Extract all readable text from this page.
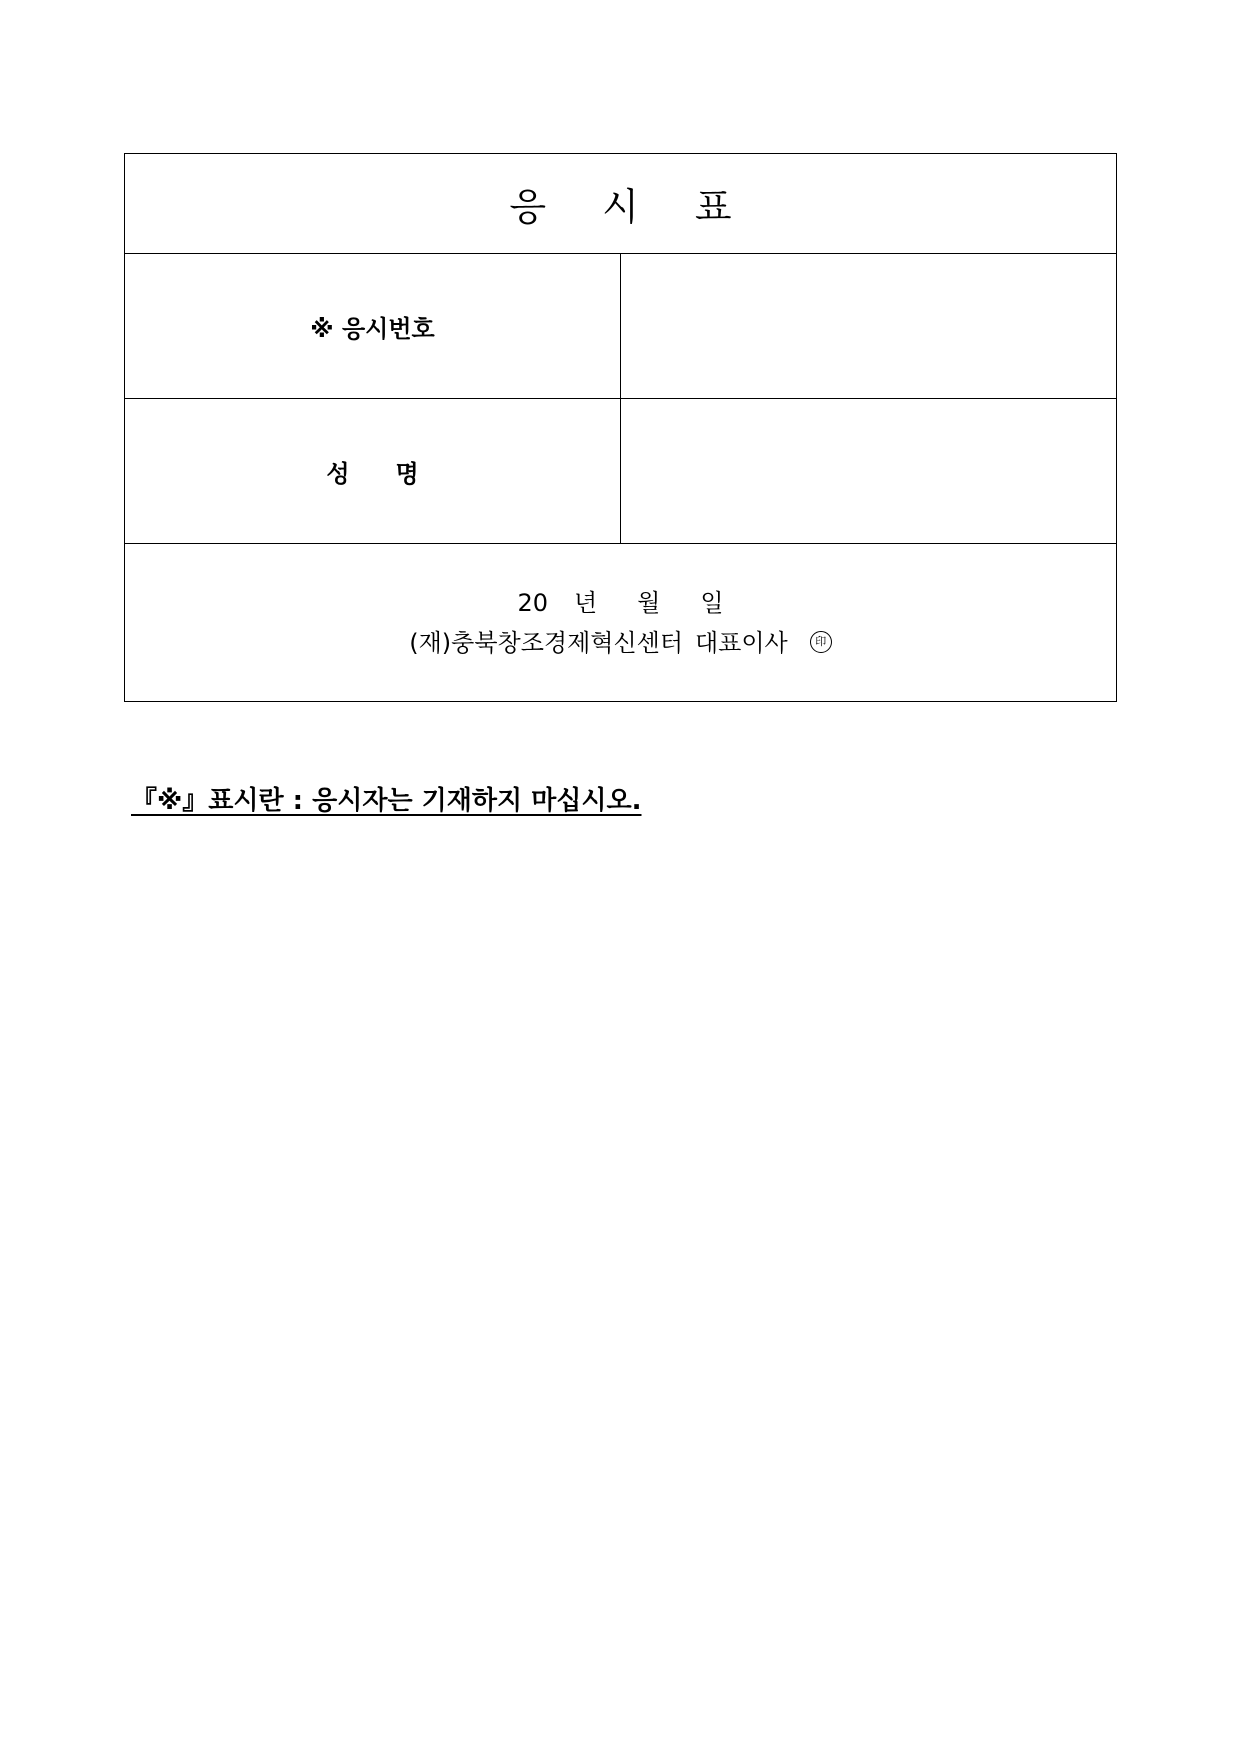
응 시 표	
※ 응시번호	
성 명	

20 년 월 일
(재)충북창조경제혁신센터 대표이사 印	
『※』표시란 : 응시자는 기재하지 마십시오.
